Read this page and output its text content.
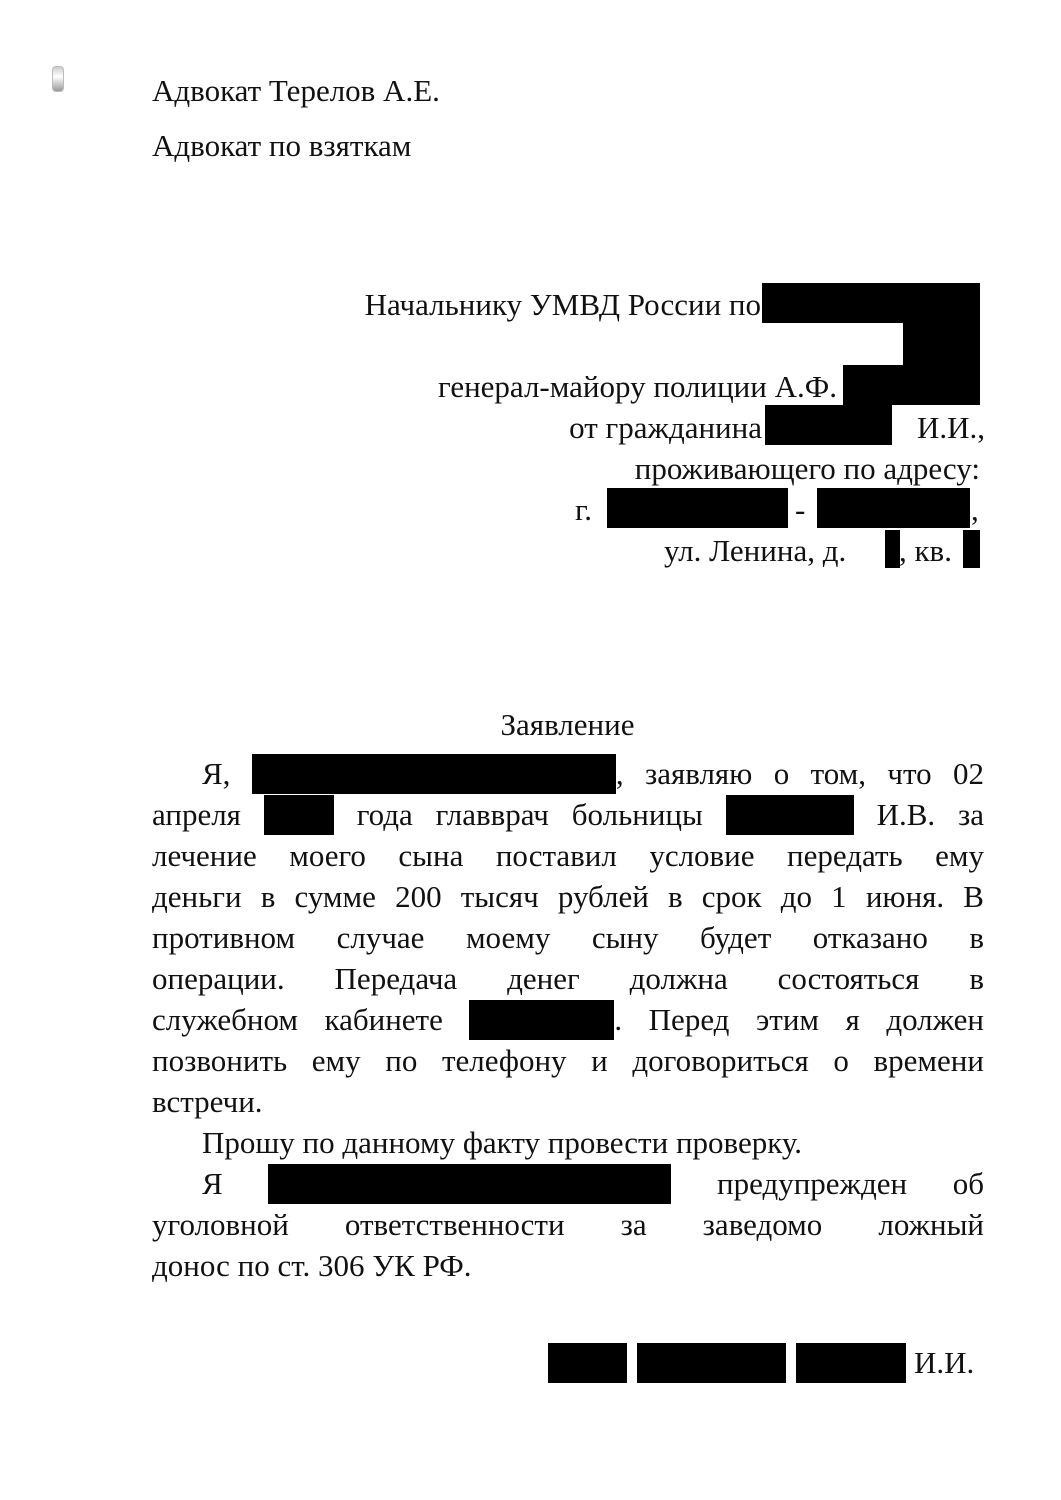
Адвокат Терелов А.Е.
Адвокат по взяткам
Начальнику УМВД России по
генерал-майору полиции А.Ф.
от гражданина	И.И.,
проживающего по адресу:
г.	-	,
ул. Ленина, д. , кв.
Заявление
Я,	, заявляю о том, что 02
апреля	года главврач больницы	И.В. за
лечение моего сына поставил условие передать ему
деньги в сумме 200 тысяч рублей в срок до 1 июня. В
противном случае моему сыну будет отказано в
операции. Передача денег должна состояться в
служебном кабинете	. Перед этим я должен
позвонить ему по телефону и договориться о времени
встречи.
Прошу по данному факту провести проверку.
Я	предупрежден об
уголовной ответственности за заведомо ложный
донос по ст. 306 УК РФ.
И.И.
